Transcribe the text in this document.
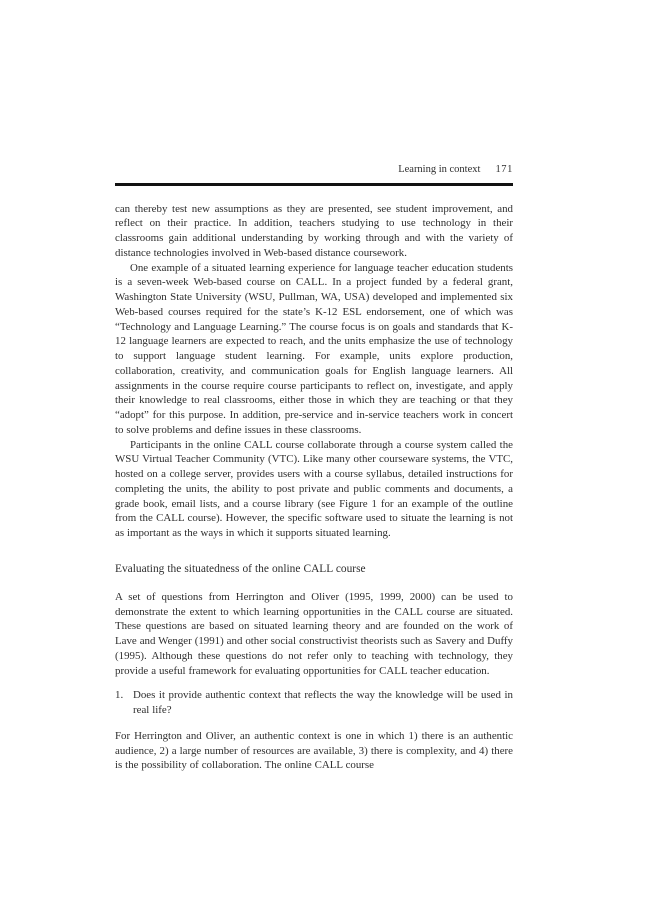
Learning in context 171

can thereby test new assumptions as they are presented, see student improvement, and reflect on their practice. In addition, teachers studying to use technology in their classrooms gain additional understanding by working through and with the variety of distance technologies involved in Web-based distance coursework.

One example of a situated learning experience for language teacher education students is a seven-week Web-based course on CALL. In a project funded by a federal grant, Washington State University (WSU, Pullman, WA, USA) developed and implemented six Web-based courses required for the state’s K-12 ESL endorsement, one of which was “Technology and Language Learning.” The course focus is on goals and standards that K-12 language learners are expected to reach, and the units emphasize the use of technology to support language student learning. For example, units explore production, collaboration, creativity, and communication goals for English language learners. All assignments in the course require course participants to reflect on, investigate, and apply their knowledge to real classrooms, either those in which they are teaching or that they “adopt” for this purpose. In addition, pre-service and in-service teachers work in concert to solve problems and define issues in these classrooms.

Participants in the online CALL course collaborate through a course system called the WSU Virtual Teacher Community (VTC). Like many other courseware systems, the VTC, hosted on a college server, provides users with a course syllabus, detailed instructions for completing the units, the ability to post private and public comments and documents, a grade book, email lists, and a course library (see Figure 1 for an example of the outline from the CALL course). However, the specific software used to situate the learning is not as important as the ways in which it supports situated learning.

Evaluating the situatedness of the online CALL course

A set of questions from Herrington and Oliver (1995, 1999, 2000) can be used to demonstrate the extent to which learning opportunities in the CALL course are situated. These questions are based on situated learning theory and are founded on the work of Lave and Wenger (1991) and other social constructivist theorists such as Savery and Duffy (1995). Although these questions do not refer only to teaching with technology, they provide a useful framework for evaluating opportunities for CALL teacher education.

1. Does it provide authentic context that reflects the way the knowledge will be used in real life?

For Herrington and Oliver, an authentic context is one in which 1) there is an authentic audience, 2) a large number of resources are available, 3) there is complexity, and 4) there is the possibility of collaboration. The online CALL course
